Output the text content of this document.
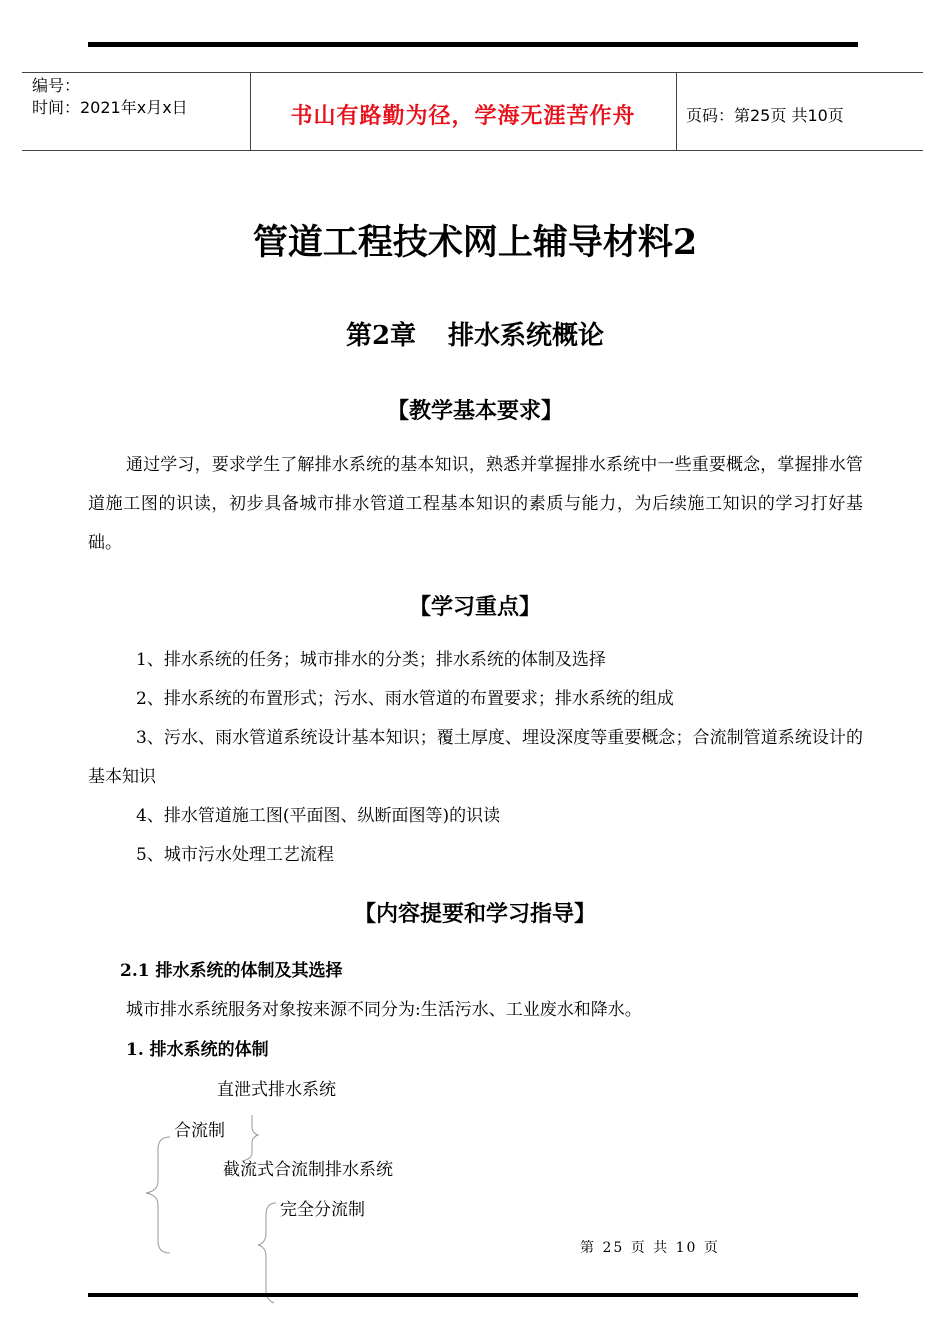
编号：
时间：2021年x月x日	书山有路勤为径，学海无涯苦作舟	页码：第25页 共10页
管道工程技术网上辅导材料2
第2章 排水系统概论
【教学基本要求】
通过学习，要求学生了解排水系统的基本知识，熟悉并掌握排水系统中一些重要概念，掌握排水管道施工图的识读，初步具备城市排水管道工程基本知识的素质与能力，为后续施工知识的学习打好基础。
【学习重点】
1、排水系统的任务；城市排水的分类；排水系统的体制及选择
2、排水系统的布置形式；污水、雨水管道的布置要求；排水系统的组成
3、污水、雨水管道系统设计基本知识；覆土厚度、埋设深度等重要概念；合流制管道系统设计的基本知识
4、排水管道施工图(平面图、纵断面图等)的识读
5、城市污水处理工艺流程
【内容提要和学习指导】
2.1 排水系统的体制及其选择
城市排水系统服务对象按来源不同分为:生活污水、工业废水和降水。
1. 排水系统的体制
直泄式排水系统
合流制
截流式合流制排水系统
完全分流制
第 25 页 共 10 页
